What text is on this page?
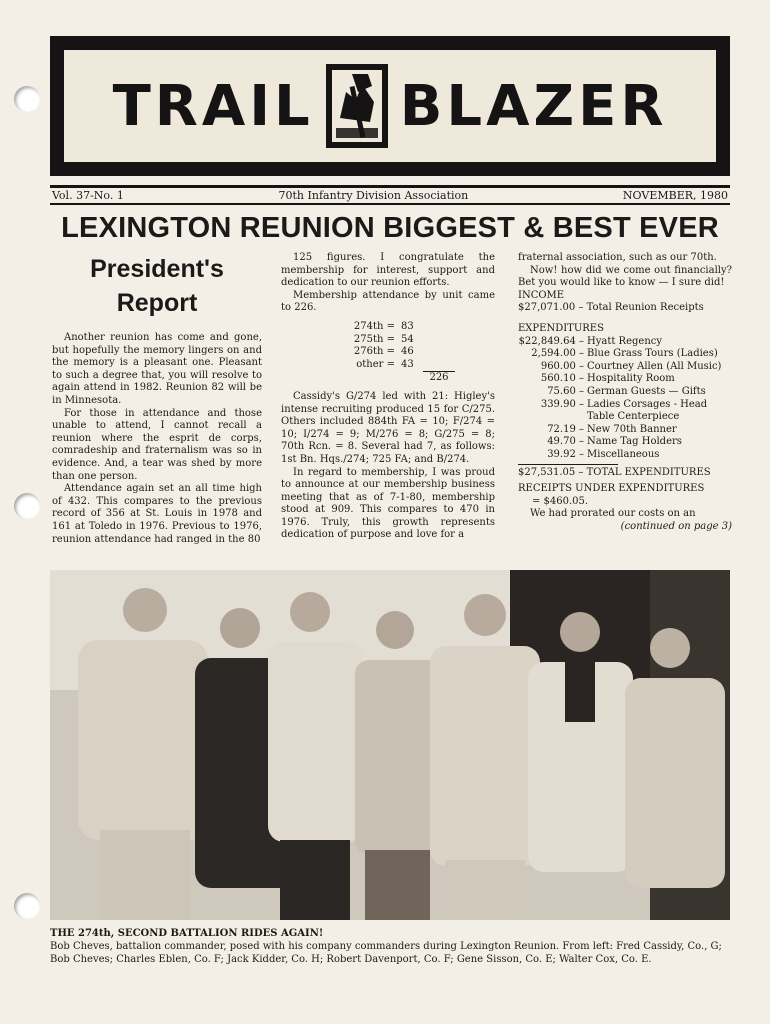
TRAIL BLAZER
Vol. 37-No. 1	70th Infantry Division Association	NOVEMBER, 1980
LEXINGTON REUNION BIGGEST & BEST EVER
President's
Report

Another reunion has come and gone, but hopefully the memory lingers on and the memory is a pleasant one. Pleasant to such a degree that, you will resolve to again attend in 1982. Reunion 82 will be in Minnesota.

For those in attendance and those unable to attend, I cannot recall a reunion where the esprit de corps, comradeship and fraternalism was so in evidence. And, a tear was shed by more than one person.

Attendance again set an all time high of 432. This compares to the previous record of 356 at St. Louis in 1978 and 161 at Toledo in 1976. Previous to 1976, reunion attendance had ranged in the 80

125 figures. I congratulate the membership for interest, support and dedication to our reunion efforts.

Membership attendance by unit came to 226.

274th = 83
275th = 54
276th = 46
other = 43
226

Cassidy's G/274 led with 21: Higley's intense recruiting produced 15 for C/275. Others included 884th FA = 10; F/274 = 10; I/274 = 9; M/276 = 8; G/275 = 8; 70th Rcn. = 8. Several had 7, as follows: 1st Bn. Hqs./274; 725 FA; and B/274.

In regard to membership, I was proud to announce at our membership business meeting that as of 7-1-80, membership stood at 909. This compares to 470 in 1976. Truly, this growth represents dedication of purpose and love for a

fraternal association, such as our 70th.

Now! how did we come out financially? Bet you would like to know — I sure did!

INCOME
$27,071.00 – Total Reunion Receipts
EXPENDITURES
$22,849.64 – Hyatt Regency
2,594.00 – Blue Grass Tours (Ladies)
960.00 – Courtney Allen (All Music)
560.10 – Hospitality Room
75.60 – German Guests — Gifts
339.90 – Ladies Corsages - Head Table Centerpiece
72.19 – New 70th Banner
49.70 – Name Tag Holders
39.92 – Miscellaneous
$27,531.05 – TOTAL EXPENDITURES
RECEIPTS UNDER EXPENDITURES
= $460.05.

We had prorated our costs on an

(continued on page 3)
THE 274th, SECOND BATTALION RIDES AGAIN!
Bob Cheves, battalion commander, posed with his company commanders during Lexington Reunion. From left: Fred Cassidy, Co., G; Bob Cheves; Charles Eblen, Co. F; Jack Kidder, Co. H; Robert Davenport, Co. F; Gene Sisson, Co. E; Walter Cox, Co. E.
